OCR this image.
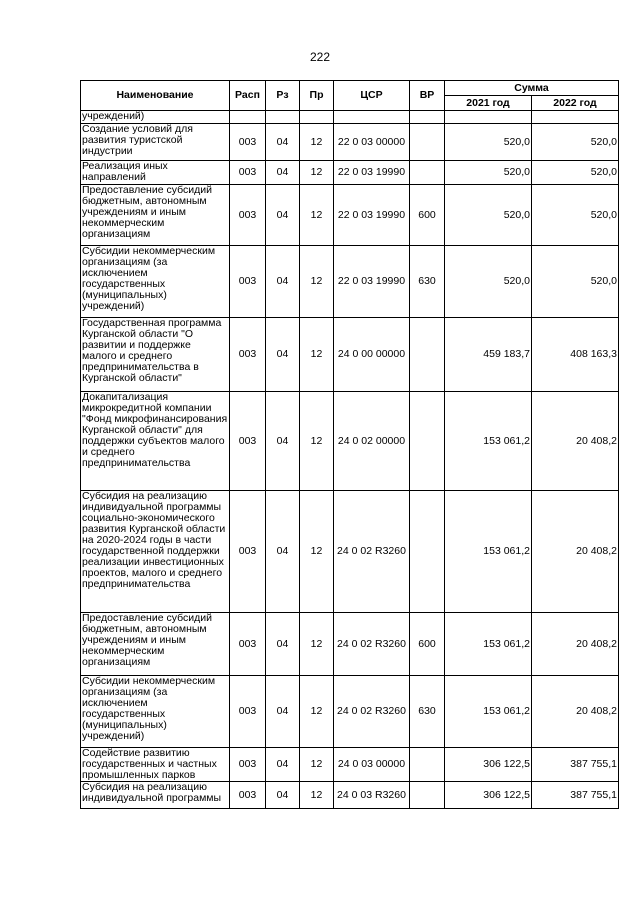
222
Наименование	Расп	Рз	Пр	ЦСР	ВР	Сумма	
						2021 год	2022 год
учреждений)							
Создание условий для развития туристской индустрии	003	04	12	22 0 03 00000		520,0	520,0
Реализация иных направлений	003	04	12	22 0 03 19990		520,0	520,0
Предоставление субсидий бюджетным, автономным учреждениям и иным некоммерческим организациям	003	04	12	22 0 03 19990	600	520,0	520,0
Субсидии некоммерческим организациям (за исключением государственных (муниципальных) учреждений)	003	04	12	22 0 03 19990	630	520,0	520,0
Государственная программа Курганской области "О развитии и поддержке малого и среднего предпринимательства в Курганской области"	003	04	12	24 0 00 00000		459 183,7	408 163,3
Докапитализация микрокредитной компании "Фонд микрофинансирования Курганской области" для поддержки субъектов малого и среднего предпринимательства	003	04	12	24 0 02 00000		153 061,2	20 408,2
Субсидия на реализацию индивидуальной программы социально-экономического развития Курганской области на 2020-2024 годы в части государственной поддержки реализации инвестиционных проектов, малого и среднего предпринимательства	003	04	12	24 0 02 R3260		153 061,2	20 408,2
Предоставление субсидий бюджетным, автономным учреждениям и иным некоммерческим организациям	003	04	12	24 0 02 R3260	600	153 061,2	20 408,2
Субсидии некоммерческим организациям (за исключением государственных (муниципальных) учреждений)	003	04	12	24 0 02 R3260	630	153 061,2	20 408,2
Содействие развитию государственных и частных промышленных парков	003	04	12	24 0 03 00000		306 122,5	387 755,1
Субсидия на реализацию индивидуальной программы	003	04	12	24 0 03 R3260		306 122,5	387 755,1
